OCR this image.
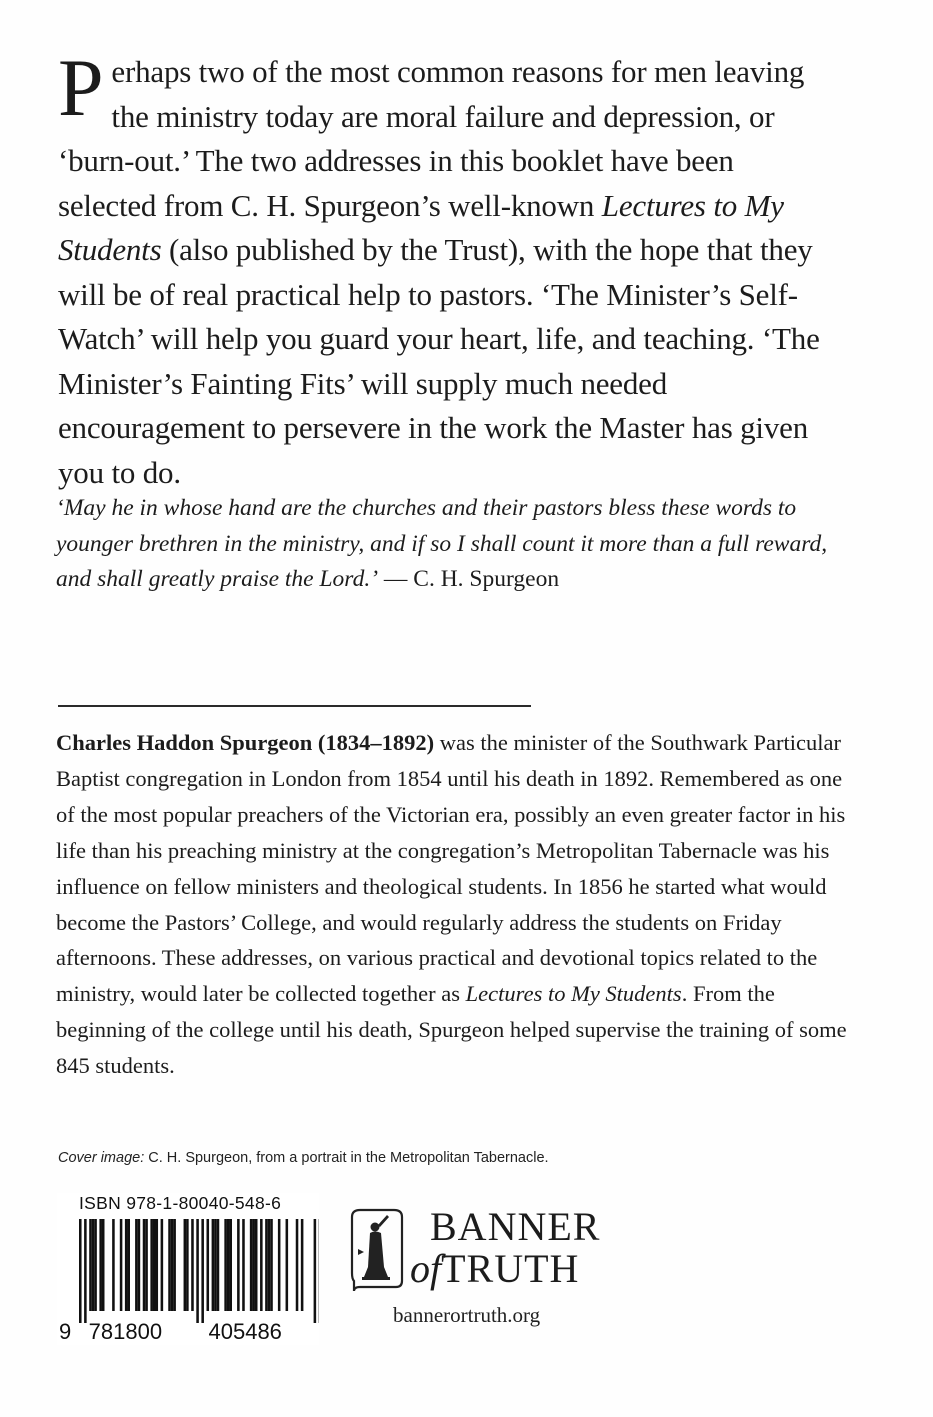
Perhaps two of the most common reasons for men leaving the ministry today are moral failure and depression, or ‘burn-out.’ The two addresses in this booklet have been selected from C. H. Spurgeon’s well-known Lectures to My Students (also published by the Trust), with the hope that they will be of real practical help to pastors. ‘The Minister’s Self-Watch’ will help you guard your heart, life, and teaching. ‘The Minister’s Fainting Fits’ will supply much needed encouragement to persevere in the work the Master has given you to do.
‘May he in whose hand are the churches and their pastors bless these words to younger brethren in the ministry, and if so I shall count it more than a full reward, and shall greatly praise the Lord.’ — C. H. Spurgeon
Charles Haddon Spurgeon (1834–1892) was the minister of the Southwark Particular Baptist congregation in London from 1854 until his death in 1892. Remembered as one of the most popular preachers of the Victorian era, possibly an even greater factor in his life than his preaching ministry at the congregation’s Metropolitan Tabernacle was his influence on fellow ministers and theological students. In 1856 he started what would become the Pastors’ College, and would regularly address the students on Friday afternoons. These addresses, on various practical and devotional topics related to the ministry, would later be collected together as Lectures to My Students. From the beginning of the college until his death, Spurgeon helped supervise the training of some 845 students.
Cover image: C. H. Spurgeon, from a portrait in the Metropolitan Tabernacle.
ISBN 978-1-80040-548-6
9 781800 405486
BANNER
ofTRUTH
bannerortruth.org
